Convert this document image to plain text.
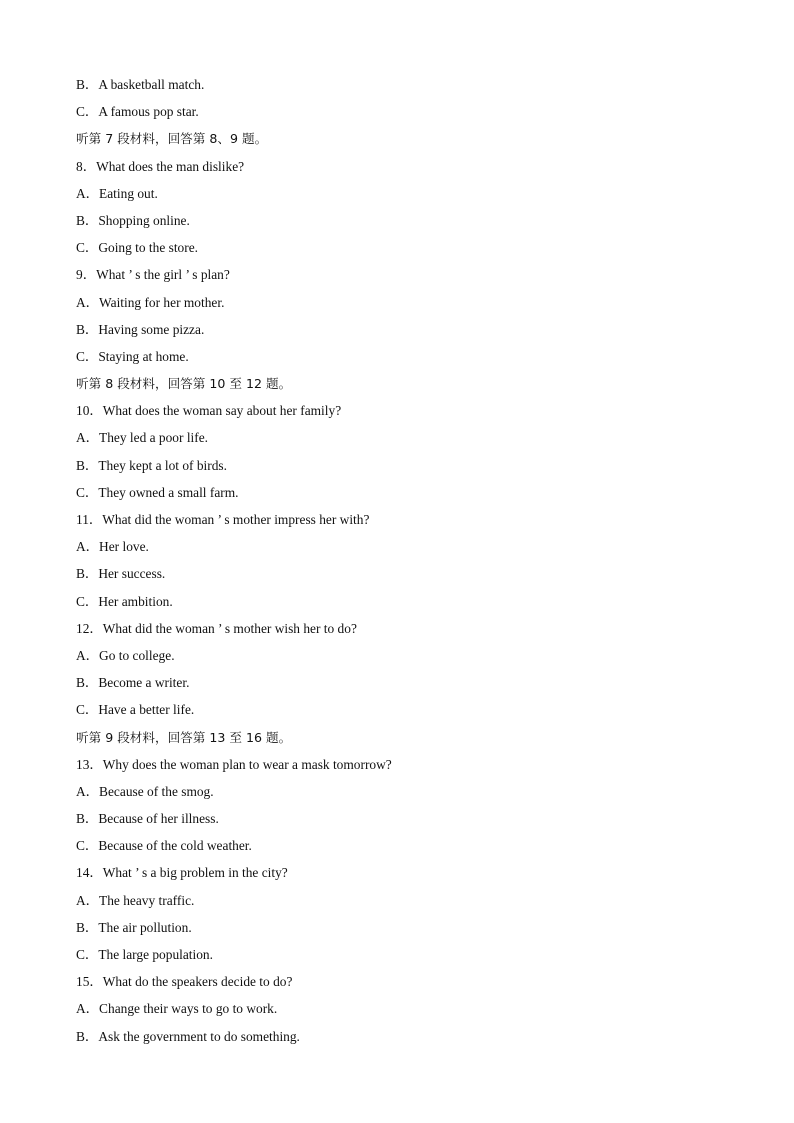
B．A basketball match.
C．A famous pop star.
听第 7 段材料，回答第 8、9 题。
8．What does the man dislike?
A．Eating out.
B．Shopping online.
C．Going to the store.
9．What ’ s the girl ’ s plan?
A．Waiting for her mother.
B．Having some pizza.
C．Staying at home.
听第 8 段材料，回答第 10 至 12 题。
10．What does the woman say about her family?
A．They led a poor life.
B．They kept a lot of birds.
C．They owned a small farm.
11．What did the woman ’ s mother impress her with?
A．Her love.
B．Her success.
C．Her ambition.
12．What did the woman ’ s mother wish her to do?
A．Go to college.
B．Become a writer.
C．Have a better life.
听第 9 段材料，回答第 13 至 16 题。
13．Why does the woman plan to wear a mask tomorrow?
A．Because of the smog.
B．Because of her illness.
C．Because of the cold weather.
14．What ’ s a big problem in the city?
A．The heavy traffic.
B．The air pollution.
C．The large population.
15．What do the speakers decide to do?
A．Change their ways to go to work.
B．Ask the government to do something.
